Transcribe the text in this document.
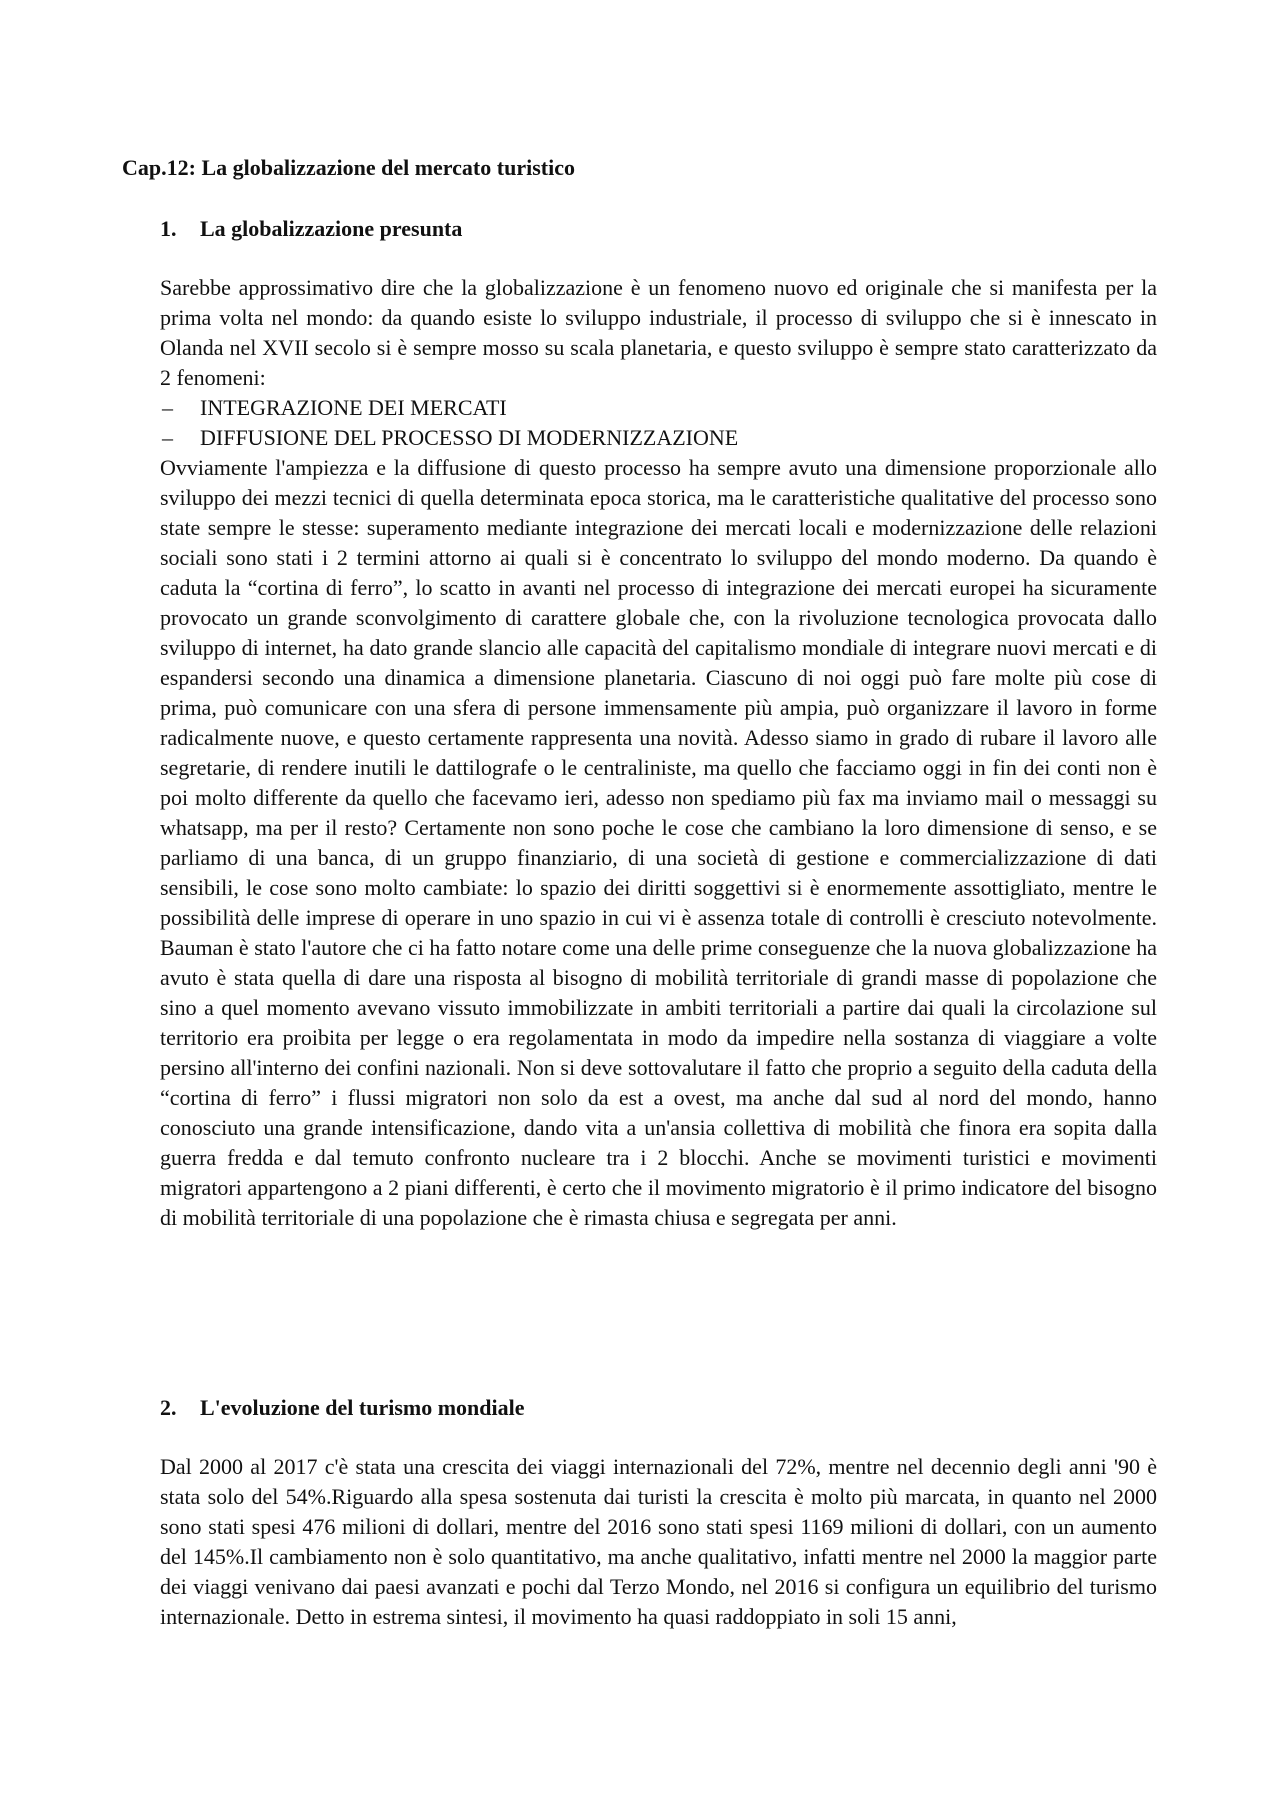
Cap.12: La globalizzazione del mercato turistico
1. La globalizzazione presunta

Sarebbe approssimativo dire che la globalizzazione è un fenomeno nuovo ed originale che si manifesta per la prima volta nel mondo: da quando esiste lo sviluppo industriale, il processo di sviluppo che si è innescato in Olanda nel XVII secolo si è sempre mosso su scala planetaria, e questo sviluppo è sempre stato caratterizzato da 2 fenomeni:

– INTEGRAZIONE DEI MERCATI
– DIFFUSIONE DEL PROCESSO DI MODERNIZZAZIONE

Ovviamente l'ampiezza e la diffusione di questo processo ha sempre avuto una dimensione proporzionale allo sviluppo dei mezzi tecnici di quella determinata epoca storica, ma le caratteristiche qualitative del processo sono state sempre le stesse: superamento mediante integrazione dei mercati locali e modernizzazione delle relazioni sociali sono stati i 2 termini attorno ai quali si è concentrato lo sviluppo del mondo moderno. Da quando è caduta la “cortina di ferro”, lo scatto in avanti nel processo di integrazione dei mercati europei ha sicuramente provocato un grande sconvolgimento di carattere globale che, con la rivoluzione tecnologica provocata dallo sviluppo di internet, ha dato grande slancio alle capacità del capitalismo mondiale di integrare nuovi mercati e di espandersi secondo una dinamica a dimensione planetaria. Ciascuno di noi oggi può fare molte più cose di prima, può comunicare con una sfera di persone immensamente più ampia, può organizzare il lavoro in forme radicalmente nuove, e questo certamente rappresenta una novità. Adesso siamo in grado di rubare il lavoro alle segretarie, di rendere inutili le dattilografe o le centraliniste, ma quello che facciamo oggi in fin dei conti non è poi molto differente da quello che facevamo ieri, adesso non spediamo più fax ma inviamo mail o messaggi su whatsapp, ma per il resto? Certamente non sono poche le cose che cambiano la loro dimensione di senso, e se parliamo di una banca, di un gruppo finanziario, di una società di gestione e commercializzazione di dati sensibili, le cose sono molto cambiate: lo spazio dei diritti soggettivi si è enormemente assottigliato, mentre le possibilità delle imprese di operare in uno spazio in cui vi è assenza totale di controlli è cresciuto notevolmente. Bauman è stato l'autore che ci ha fatto notare come una delle prime conseguenze che la nuova globalizzazione ha avuto è stata quella di dare una risposta al bisogno di mobilità territoriale di grandi masse di popolazione che sino a quel momento avevano vissuto immobilizzate in ambiti territoriali a partire dai quali la circolazione sul territorio era proibita per legge o era regolamentata in modo da impedire nella sostanza di viaggiare a volte persino all'interno dei confini nazionali. Non si deve sottovalutare il fatto che proprio a seguito della caduta della “cortina di ferro” i flussi migratori non solo da est a ovest, ma anche dal sud al nord del mondo, hanno conosciuto una grande intensificazione, dando vita a un'ansia collettiva di mobilità che finora era sopita dalla guerra fredda e dal temuto confronto nucleare tra i 2 blocchi. Anche se movimenti turistici e movimenti migratori appartengono a 2 piani differenti, è certo che il movimento migratorio è il primo indicatore del bisogno di mobilità territoriale di una popolazione che è rimasta chiusa e segregata per anni.

2. L'evoluzione del turismo mondiale

Dal 2000 al 2017 c'è stata una crescita dei viaggi internazionali del 72%, mentre nel decennio degli anni '90 è stata solo del 54%.Riguardo alla spesa sostenuta dai turisti la crescita è molto più marcata, in quanto nel 2000 sono stati spesi 476 milioni di dollari, mentre del 2016 sono stati spesi 1169 milioni di dollari, con un aumento del 145%.Il cambiamento non è solo quantitativo, ma anche qualitativo, infatti mentre nel 2000 la maggior parte dei viaggi venivano dai paesi avanzati e pochi dal Terzo Mondo, nel 2016 si configura un equilibrio del turismo internazionale. Detto in estrema sintesi, il movimento ha quasi raddoppiato in soli 15 anni,
